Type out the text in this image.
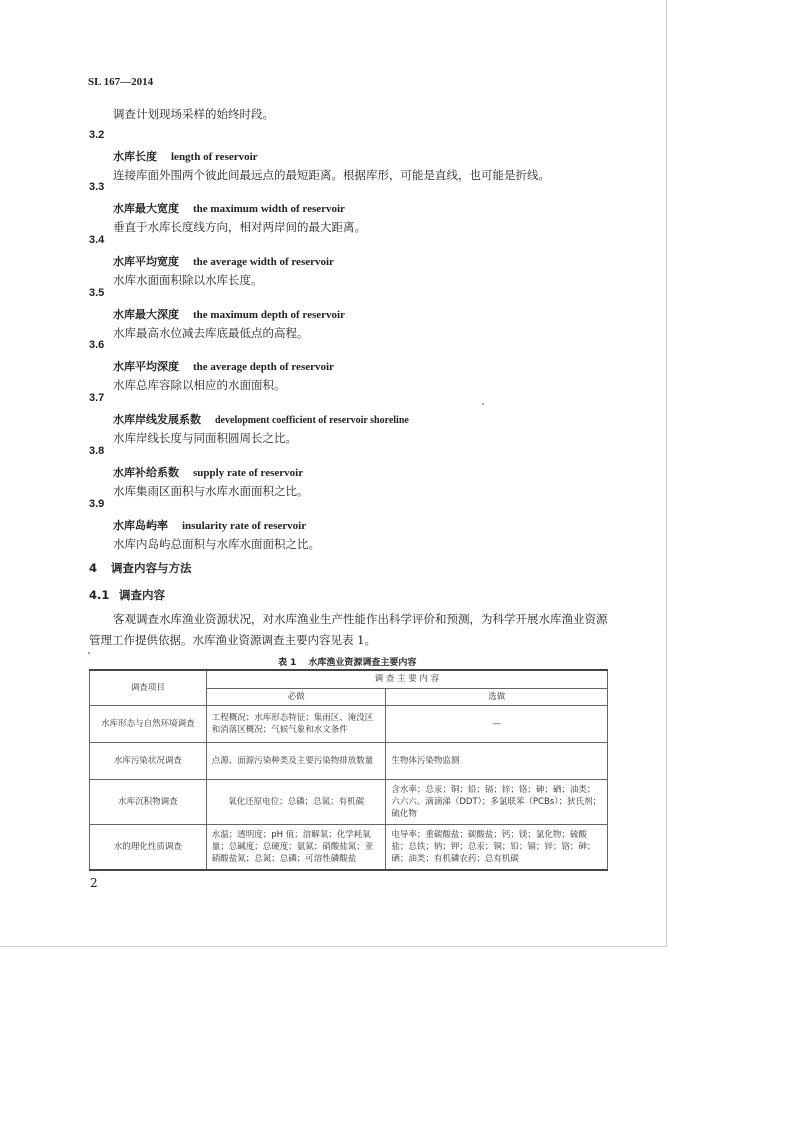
SL 167—2014
调查计划现场采样的始终时段。
3.2
水库长度 length of reservoir
连接库面外围两个彼此间最远点的最短距离。根据库形，可能是直线，也可能是折线。
3.3
水库最大宽度 the maximum width of reservoir
垂直于水库长度线方向，相对两岸间的最大距离。
3.4
水库平均宽度 the average width of reservoir
水库水面面积除以水库长度。
3.5
水库最大深度 the maximum depth of reservoir
水库最高水位减去库底最低点的高程。
3.6
水库平均深度 the average depth of reservoir
水库总库容除以相应的水面面积。
3.7
水库岸线发展系数 development coefficient of reservoir shoreline
水库岸线长度与同面积圆周长之比。
3.8
水库补给系数 supply rate of reservoir
水库集雨区面积与水库水面面积之比。
3.9
水库岛屿率 insularity rate of reservoir
水库内岛屿总面积与水库水面面积之比。
4 调查内容与方法
4.1 调查内容
客观调查水库渔业资源状况，对水库渔业生产性能作出科学评价和预测，为科学开展水库渔业资源管理工作提供依据。水库渔业资源调查主要内容见表 1。
表 1 水库渔业资源调查主要内容
调查项目	调 查 主 要 内 容	
	必做	选做
水库形态与自然环境调查	工程概况；水库形态特征；集雨区、淹没区和消落区概况；气候气象和水文条件	—
水库污染状况调查	点源、面源污染种类及主要污染物排放数量	生物体污染物监测
水库沉积物调查	氧化还原电位；总磷；总氮；有机碳	含水率；总汞；铜；铅；镉；锌；铬；砷；硒；油类；六六六、滴滴涕（DDT）；多氯联苯（PCBs）；狄氏剂；硫化物
水的理化性质调查	水温；透明度；pH 值；溶解氧；化学耗氧量；总碱度；总硬度；氨氮；硝酸盐氮；亚硝酸盐氮；总氮；总磷；可溶性磷酸盐	电导率；重碳酸盐；碳酸盐；钙；镁；氯化物；硫酸盐；总铁；钠；钾；总汞；铜；铅；镉；锌；铬；砷；硒；油类；有机磷农药；总有机碳
2
